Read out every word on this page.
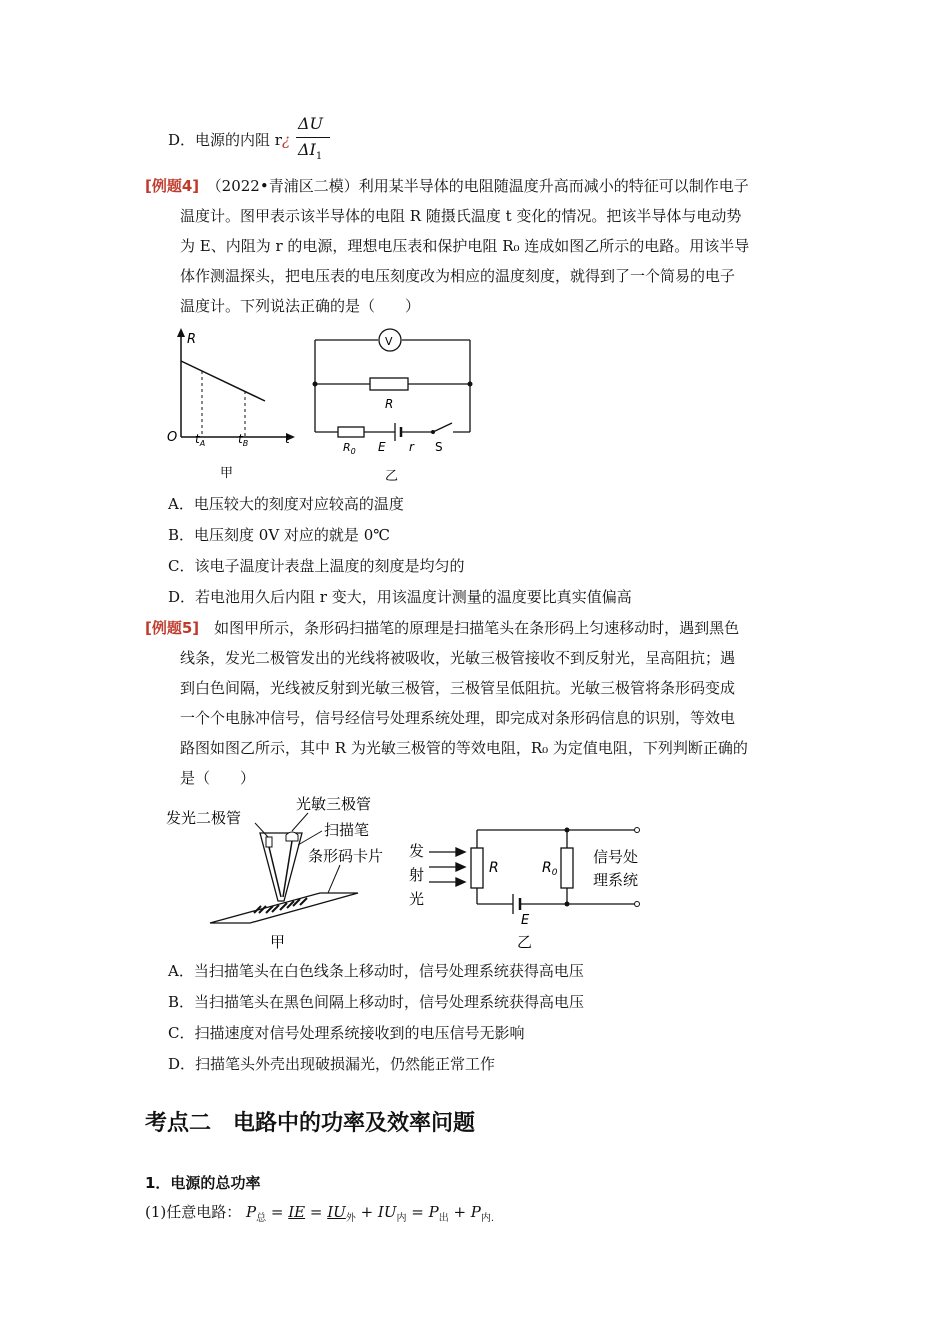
D．电源的内阻 r¿
ΔU
$\Delta I_1$
[例题4]　 （2022•青浦区二模）利用某半导体的电阻随温度升高而减小的特征可以制作电子
温度计。图甲表示该半导体的电阻 R 随摄氏温度 t 变化的情况。把该半导体与电动势
为 E、内阻为 r 的电源，理想电压表和保护电阻 R₀ 连成如图乙所示的电路。用该半导
体作测温探头，把电压表的电压刻度改为相应的温度刻度，就得到了一个简易的电子
温度计。下列说法正确的是（　　）
R
O $t_A$	$t_B$	t
甲
V
R
$R_0$ E r S
乙
A．电压较大的刻度对应较高的温度
B．电压刻度 0V 对应的就是 0℃
C．该电子温度计表盘上温度的刻度是均匀的
D．若电池用久后内阻 r 变大，用该温度计测量的温度要比真实值偏高
[例题5]　 如图甲所示，条形码扫描笔的原理是扫描笔头在条形码上匀速移动时，遇到黑色
线条，发光二极管发出的光线将被吸收，光敏三极管接收不到反射光，呈高阻抗；遇
到白色间隔，光线被反射到光敏三极管，三极管呈低阻抗。光敏三极管将条形码变成
一个个电脉冲信号，信号经信号处理系统处理，即完成对条形码信息的识别，等效电
路图如图乙所示，其中 R 为光敏三极管的等效电阻，R₀ 为定值电阻，下列判断正确的
是（　　）
发光二极管
光敏三极管
扫描笔
条形码卡片
甲
发
射
光
R	$R_0$
信号处
理系统
E
乙
A．当扫描笔头在白色线条上移动时，信号处理系统获得高电压
B．当扫描笔头在黑色间隔上移动时，信号处理系统获得高电压
C．扫描速度对信号处理系统接收到的电压信号无影响
D．扫描笔头外壳出现破损漏光，仍然能正常工作
考点二　电路中的功率及效率问题
1．电源的总功率
(1)任意电路： $P_总$ = IE = $IU_外 + IU_内 = P_出 + P_{内.}$
